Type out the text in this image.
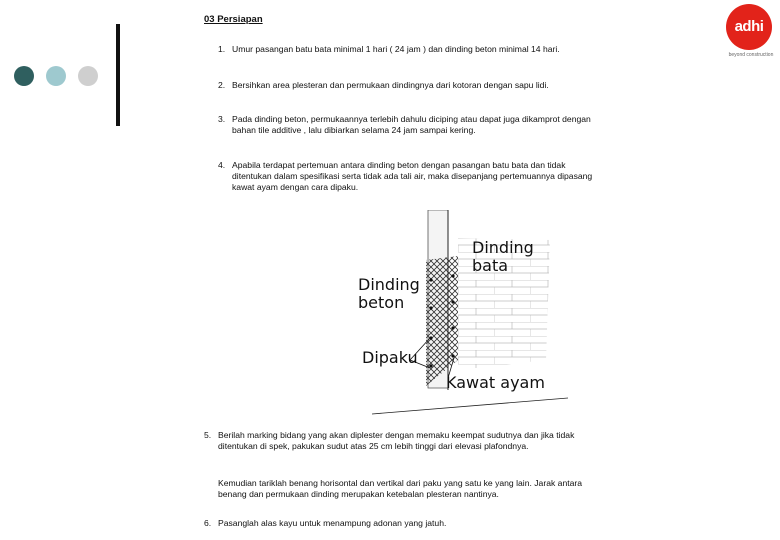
adhi
beyond construction
03 Persiapan
1. Umur pasangan batu bata minimal 1 hari ( 24 jam ) dan dinding beton minimal 14 hari.
2. Bersihkan area plesteran dan permukaan dindingnya dari kotoran dengan sapu lidi.
3. Pada dinding beton, permukaannya terlebih dahulu diciping atau dapat juga dikamprot dengan bahan tile additive , lalu dibiarkan selama 24 jam sampai kering.
4. Apabila terdapat pertemuan antara dinding beton dengan pasangan batu bata dan tidak ditentukan dalam spesifikasi serta tidak ada tali air, maka disepanjang pertemuannya dipasang kawat ayam dengan cara dipaku.
Dinding
bata
Dinding
beton
Dipaku
Kawat ayam
5. Berilah marking bidang yang akan diplester dengan memaku keempat sudutnya dan jika tidak ditentukan di spek, pakukan sudut atas 25 cm lebih tinggi dari elevasi plafondnya.
Kemudian tariklah benang horisontal dan vertikal dari paku yang satu ke yang lain. Jarak antara benang dan permukaan dinding merupakan ketebalan plesteran nantinya.
6. Pasanglah alas kayu untuk menampung adonan yang jatuh.
